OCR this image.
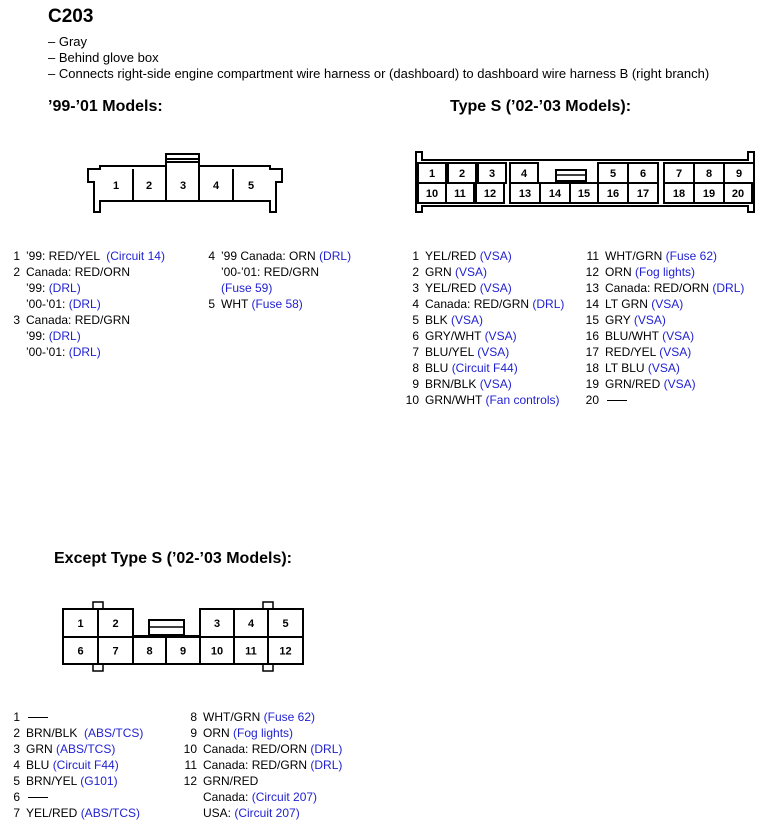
C203
– Gray
– Behind glove box
– Connects right-side engine compartment wire harness or (dashboard) to dashboard wire harness B (right branch)
’99-’01 Models:	Type S (’02-’03 Models):
Except Type S (’02-’03 Models):
1 2	3 4	5
1 2 3 4	5 6	7 8 9
10 11 12 13 14 15 16 17 18 19 20
1	2	3	4	5
6	7	8 9 10 11 12
1 ’99: RED/YEL  (Circuit 14)
2 Canada: RED/ORN
’99: (DRL)
’00-’01: (DRL)
3 Canada: RED/GRN
’99: (DRL)
’00-’01: (DRL)
4 ’99 Canada: ORN (DRL)
’00-’01: RED/GRN
(Fuse 59)
5 WHT (Fuse 58)
1 YEL/RED (VSA)
2 GRN (VSA)
3 YEL/RED (VSA)
4 Canada: RED/GRN (DRL)
5 BLK (VSA)
6 GRY/WHT (VSA)
7 BLU/YEL (VSA)
8 BLU (Circuit F44)
9 BRN/BLK (VSA)
10 GRN/WHT (Fan controls)
11 WHT/GRN (Fuse 62)
12 ORN (Fog lights)
13 Canada: RED/ORN (DRL)
14 LT GRN (VSA)
15 GRY (VSA)
16 BLU/WHT (VSA)
17 RED/YEL (VSA)
18 LT BLU (VSA)
19 GRN/RED (VSA)
20
1
2 BRN/BLK  (ABS/TCS)
3 GRN (ABS/TCS)
4 BLU (Circuit F44)
5 BRN/YEL (G101)
6
7 YEL/RED (ABS/TCS)
8 WHT/GRN (Fuse 62)
9 ORN (Fog lights)
10 Canada: RED/ORN (DRL)
11 Canada: RED/GRN (DRL)
12 GRN/RED
Canada: (Circuit 207)
USA: (Circuit 207)
